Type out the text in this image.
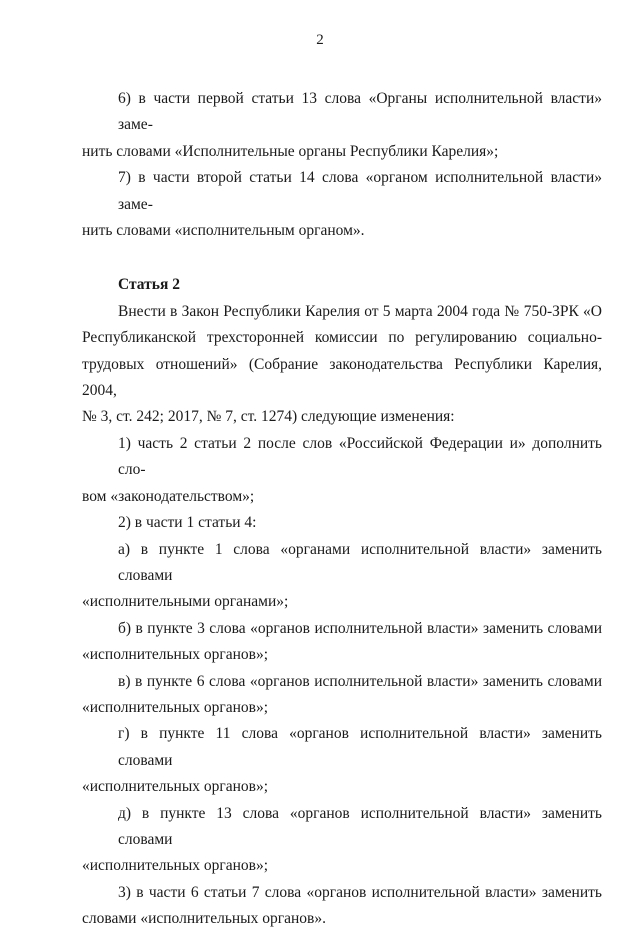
2
6) в части первой статьи 13 слова «Органы исполнительной власти» заме-
нить словами «Исполнительные органы Республики Карелия»;
7) в части второй статьи 14 слова «органом исполнительной власти» заме-
нить словами «исполнительным органом».

Статья 2

Внести в Закон Республики Карелия от 5 марта 2004 года № 750-ЗРК «О
Республиканской трехсторонней комиссии по регулированию социально-
трудовых отношений» (Собрание законодательства Республики Карелия, 2004,
№ 3, ст. 242; 2017, № 7, ст. 1274) следующие изменения:
1) часть 2 статьи 2 после слов «Российской Федерации и» дополнить сло-
вом «законодательством»;
2) в части 1 статьи 4:
а) в пункте 1 слова «органами исполнительной власти» заменить словами
«исполнительными органами»;
б) в пункте 3 слова «органов исполнительной власти» заменить словами
«исполнительных органов»;
в) в пункте 6 слова «органов исполнительной власти» заменить словами
«исполнительных органов»;
г) в пункте 11 слова «органов исполнительной власти» заменить словами
«исполнительных органов»;
д) в пункте 13 слова «органов исполнительной власти» заменить словами
«исполнительных органов»;
3) в части 6 статьи 7 слова «органов исполнительной власти» заменить
словами «исполнительных органов».
